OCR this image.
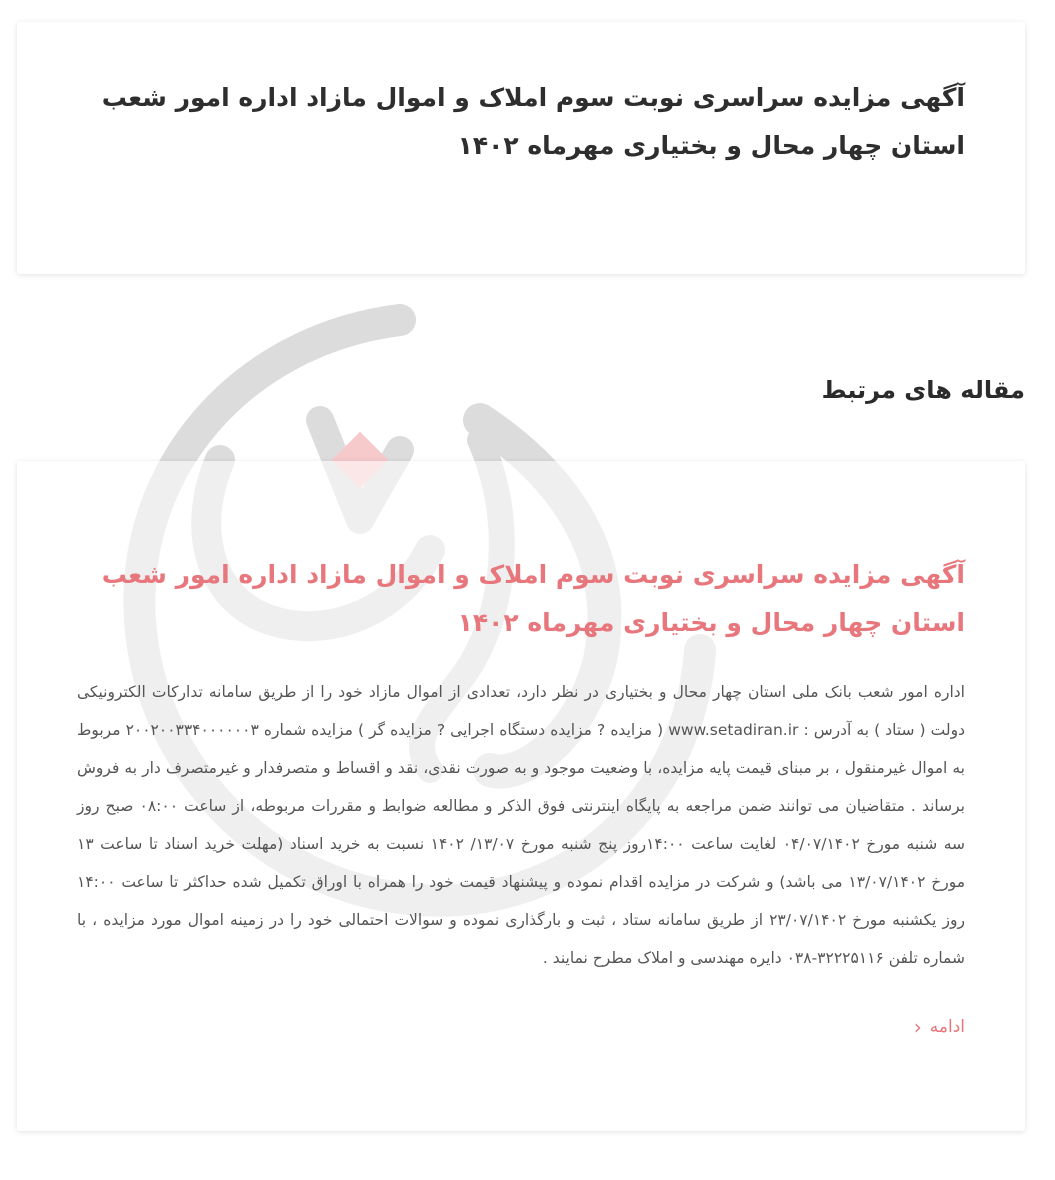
آگهی مزایده سراسری نوبت سوم املاک و اموال مازاد اداره امور شعب استان چهار محال و بختیاری مهرماه ۱۴۰۲
مقاله های مرتبط
آگهی مزایده سراسری نوبت سوم املاک و اموال مازاد اداره امور شعب استان چهار محال و بختیاری مهرماه ۱۴۰۲

اداره امور شعب بانک ملی استان چهار محال و بختیاری در نظر دارد، تعدادی از اموال مازاد خود را از طریق سامانه تدارکات الکترونیکی دولت ( ستاد ) به آدرس : www.setadiran.ir ( مزایده ? مزایده دستگاه اجرایی ? مزایده گر ) مزایده شماره ۲۰۰۲۰۰۳۳۴۰۰۰۰۰۰۳ مربوط به اموال غیرمنقول ، بر مبنای قیمت پایه مزایده، با وضعیت موجود و به صورت نقدی، نقد و اقساط و متصرفدار و غیرمتصرف دار به فروش برساند . متقاضیان می توانند ضمن مراجعه به پایگاه اینترنتی فوق الذکر و مطالعه ضوابط و مقررات مربوطه، از ساعت ۰۸:۰۰ صبح روز سه شنبه مورخ ۰۴/۰۷/۱۴۰۲ لغایت ساعت ۱۴:۰۰روز پنج شنبه مورخ ۱۳/۰۷/ ۱۴۰۲ نسبت به خرید اسناد (مهلت خرید اسناد تا ساعت ۱۳ مورخ ۱۳/۰۷/۱۴۰۲ می باشد) و شرکت در مزایده اقدام نموده و پیشنهاد قیمت خود را همراه با اوراق تکمیل شده حداکثر تا ساعت ۱۴:۰۰ روز یکشنبه مورخ ۲۳/۰۷/۱۴۰۲ از طریق سامانه ستاد ، ثبت و بارگذاری نموده و سوالات احتمالی خود را در زمینه اموال مورد مزایده ، با شماره تلفن ۳۲۲۲۵۱۱۶-۰۳۸ دایره مهندسی و املاک مطرح نمایند .

ادامه
‹
